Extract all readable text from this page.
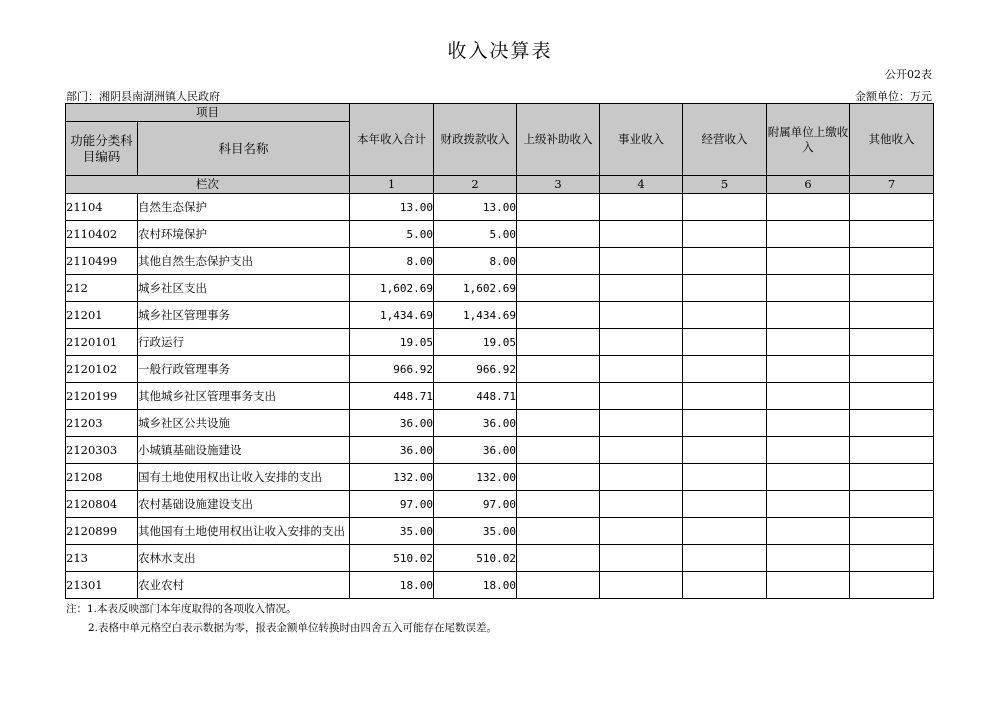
收入决算表
公开02表
部门：湘阴县南湖洲镇人民政府	金额单位：万元
项目		本年收入合计	财政拨款收入	上级补助收入	事业收入	经营收入	附属单位上缴收入	其他收入
功能分类科目编码	科目名称							
栏次		1	2	3	4	5	6	7
21104	自然生态保护	13.00	13.00					
2110402	农村环境保护	5.00	5.00					
2110499	其他自然生态保护支出	8.00	8.00					
212	城乡社区支出	1,602.69	1,602.69					
21201	城乡社区管理事务	1,434.69	1,434.69					
2120101	行政运行	19.05	19.05					
2120102	一般行政管理事务	966.92	966.92					
2120199	其他城乡社区管理事务支出	448.71	448.71					
21203	城乡社区公共设施	36.00	36.00					
2120303	小城镇基础设施建设	36.00	36.00					
21208	国有土地使用权出让收入安排的支出	132.00	132.00					
2120804	农村基础设施建设支出	97.00	97.00					
2120899	其他国有土地使用权出让收入安排的支出	35.00	35.00					
213	农林水支出	510.02	510.02					
21301	农业农村	18.00	18.00					
注：1.本表反映部门本年度取得的各项收入情况。
2.表格中单元格空白表示数据为零，报表金额单位转换时由四舍五入可能存在尾数误差。
